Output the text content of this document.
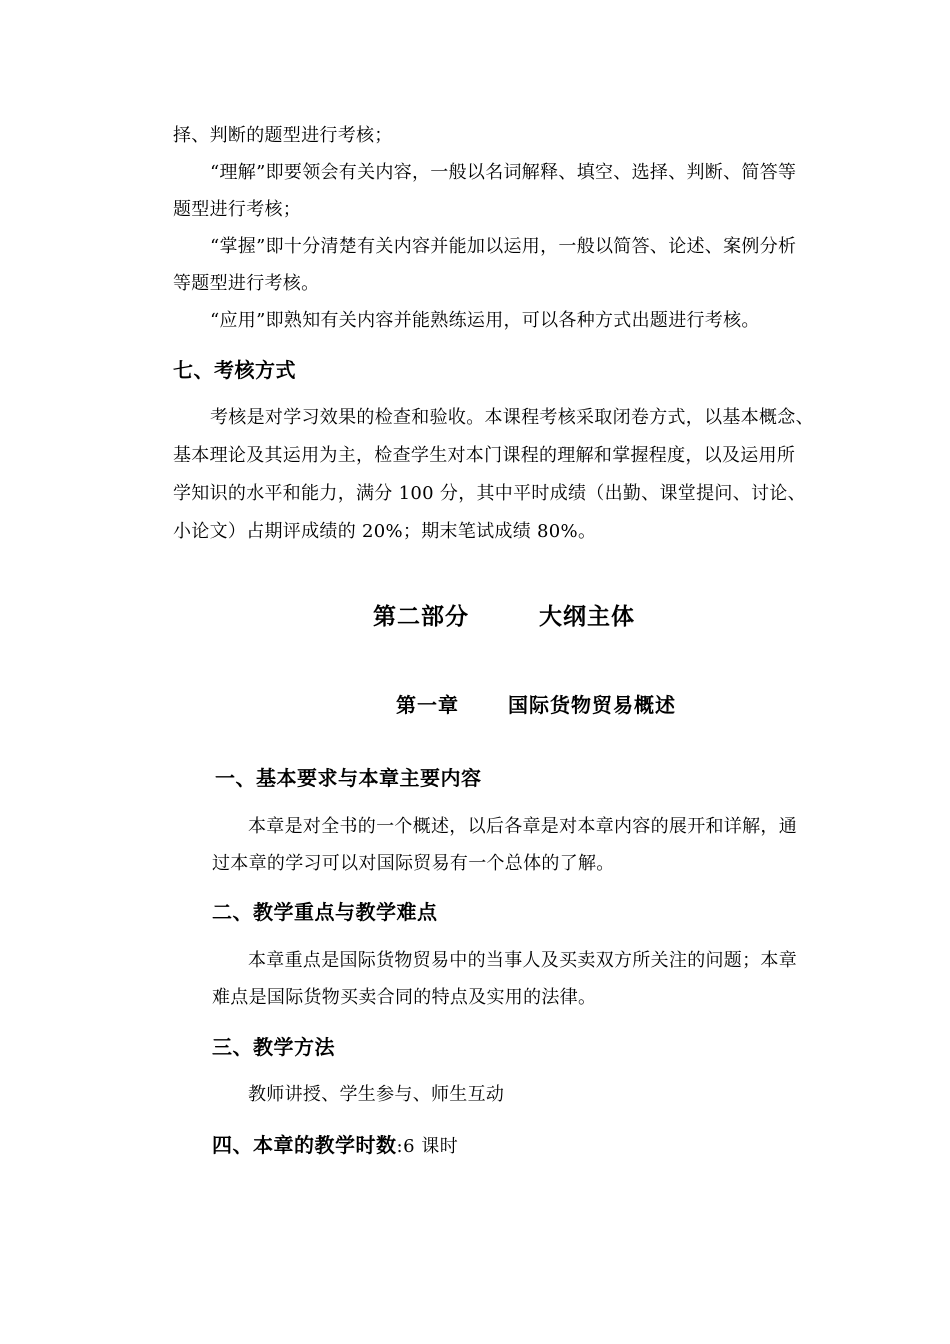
择、判断的题型进行考核；
“理解”即要领会有关内容，一般以名词解释、填空、选择、判断、简答等
题型进行考核；
“掌握”即十分清楚有关内容并能加以运用，一般以简答、论述、案例分析
等题型进行考核。
“应用”即熟知有关内容并能熟练运用，可以各种方式出题进行考核。
七、考核方式
考核是对学习效果的检查和验收。本课程考核采取闭卷方式，以基本概念、
基本理论及其运用为主，检查学生对本门课程的理解和掌握程度，以及运用所
学知识的水平和能力，满分 100 分，其中平时成绩（出勤、课堂提问、讨论、
小论文）占期评成绩的 20%；期末笔试成绩 80%。
第二部分	大纲主体
第一章 国际货物贸易概述
一、基本要求与本章主要内容
本章是对全书的一个概述，以后各章是对本章内容的展开和详解，通
过本章的学习可以对国际贸易有一个总体的了解。
二、教学重点与教学难点
本章重点是国际货物贸易中的当事人及买卖双方所关注的问题；本章
难点是国际货物买卖合同的特点及实用的法律。
三、教学方法
教师讲授、学生参与、师生互动
四、本章的教学时数:6 课时
